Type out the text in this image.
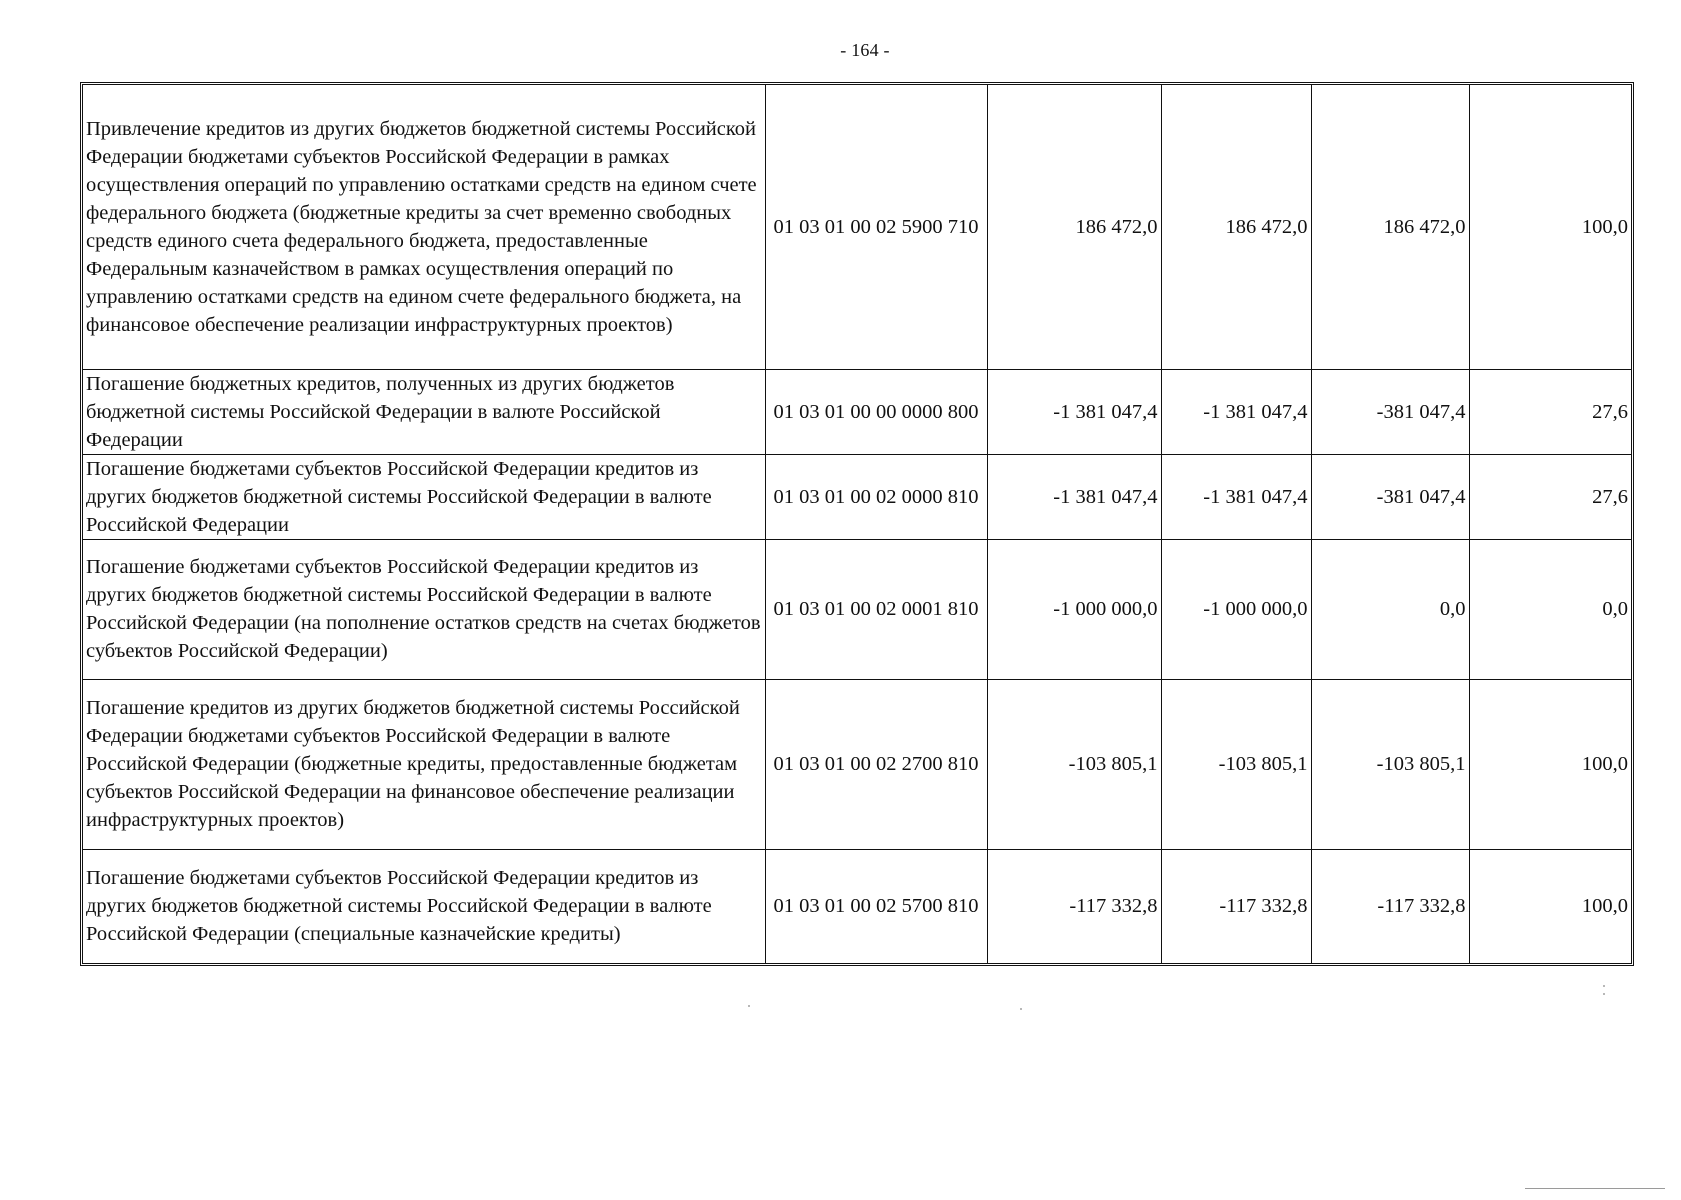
- 164 -
Привлечение кредитов из других бюджетов бюджетной системы Российской Федерации бюджетами субъектов Российской Федерации в рамках осуществления операций по управлению остатками средств на едином счете федерального бюджета (бюджетные кредиты за счет временно свободных средств единого счета федерального бюджета, предоставленные Федеральным казначейством в рамках осуществления операций по управлению остатками средств на едином счете федерального бюджета, на финансовое обеспечение реализации инфраструктурных проектов)	01 03 01 00 02 5900 710	186 472,0	186 472,0	186 472,0	100,0
Погашение бюджетных кредитов, полученных из других бюджетов бюджетной системы Российской Федерации в валюте Российской Федерации	01 03 01 00 00 0000 800	-1 381 047,4	-1 381 047,4	-381 047,4	27,6
Погашение бюджетами субъектов Российской Федерации кредитов из других бюджетов бюджетной системы Российской Федерации в валюте Российской Федерации	01 03 01 00 02 0000 810	-1 381 047,4	-1 381 047,4	-381 047,4	27,6
Погашение бюджетами субъектов Российской Федерации кредитов из других бюджетов бюджетной системы Российской Федерации в валюте Российской Федерации (на пополнение остатков средств на счетах бюджетов субъектов Российской Федерации)	01 03 01 00 02 0001 810	-1 000 000,0	-1 000 000,0	0,0	0,0
Погашение кредитов из других бюджетов бюджетной системы Российской Федерации бюджетами субъектов Российской Федерации в валюте Российской Федерации (бюджетные кредиты, предоставленные бюджетам субъектов Российской Федерации на финансовое обеспечение реализации инфраструктурных проектов)	01 03 01 00 02 2700 810	-103 805,1	-103 805,1	-103 805,1	100,0
Погашение бюджетами субъектов Российской Федерации кредитов из других бюджетов бюджетной системы Российской Федерации в валюте Российской Федерации (специальные казначейские кредиты)	01 03 01 00 02 5700 810	-117 332,8	-117 332,8	-117 332,8	100,0
